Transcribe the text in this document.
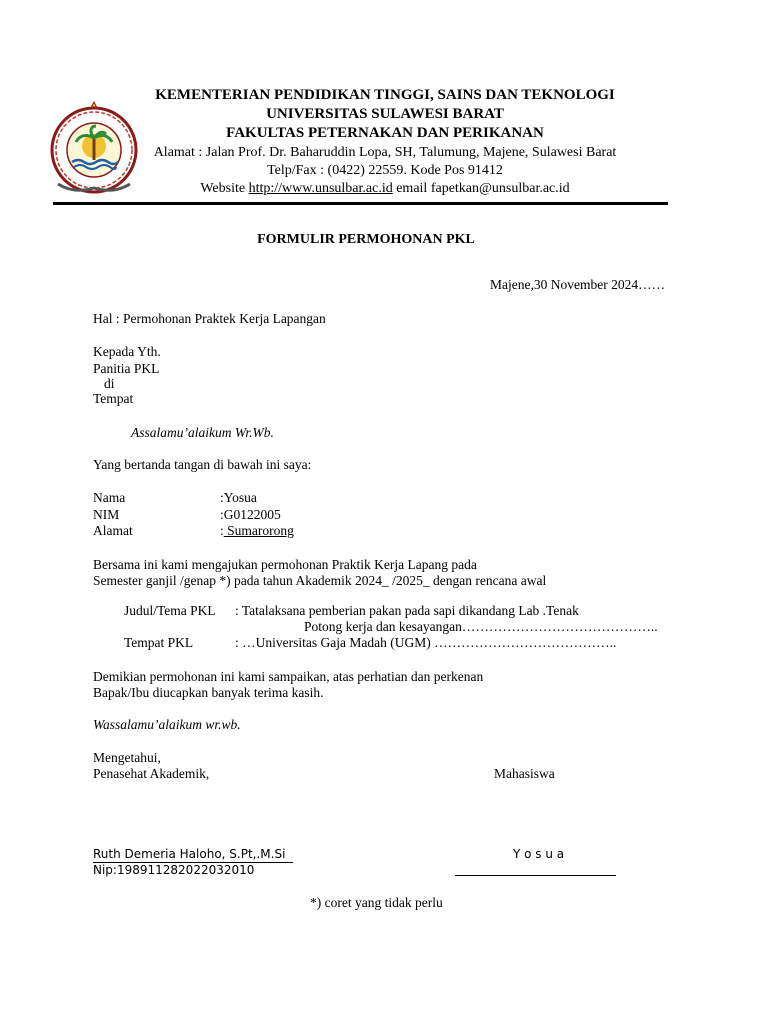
KEMENTERIAN PENDIDIKAN TINGGI, SAINS DAN TEKNOLOGI
UNIVERSITAS SULAWESI BARAT
FAKULTAS PETERNAKAN DAN PERIKANAN
Alamat : Jalan Prof. Dr. Baharuddin Lopa, SH, Talumung, Majene, Sulawesi Barat
Telp/Fax : (0422) 22559. Kode Pos 91412
Website http://www.unsulbar.ac.id email fapetkan@unsulbar.ac.id
FORMULIR PERMOHONAN PKL
Majene,30 November 2024……
Hal : Permohonan Praktek Kerja Lapangan
Kepada Yth.
Panitia PKL
di
Tempat
Assalamu’alaikum Wr.Wb.
Yang bertanda tangan di bawah ini saya:
Nama	:Yosua
NIM	:G0122005
Alamat	: Sumarorong
Bersama ini kami mengajukan permohonan Praktik Kerja Lapang pada
Semester ganjil /genap *) pada tahun Akademik 2024_ /2025_ dengan rencana awal
Judul/Tema PKL : Tatalaksana pemberian pakan pada sapi dikandang Lab .Tenak
Potong kerja dan kesayangan……………………………………..
Tempat PKL	: …Universitas Gaja Madah (UGM) …………………………………..
Demikian permohonan ini kami sampaikan, atas perhatian dan perkenan
Bapak/Ibu diucapkan banyak terima kasih.
Wassalamu’alaikum wr.wb.
Mengetahui,
Penasehat Akademik,	Mahasiswa
Ruth Demeria Haloho, S.Pt,.M.Si
Nip:198911282022032010
Y o s u a
*) coret yang tidak perlu
